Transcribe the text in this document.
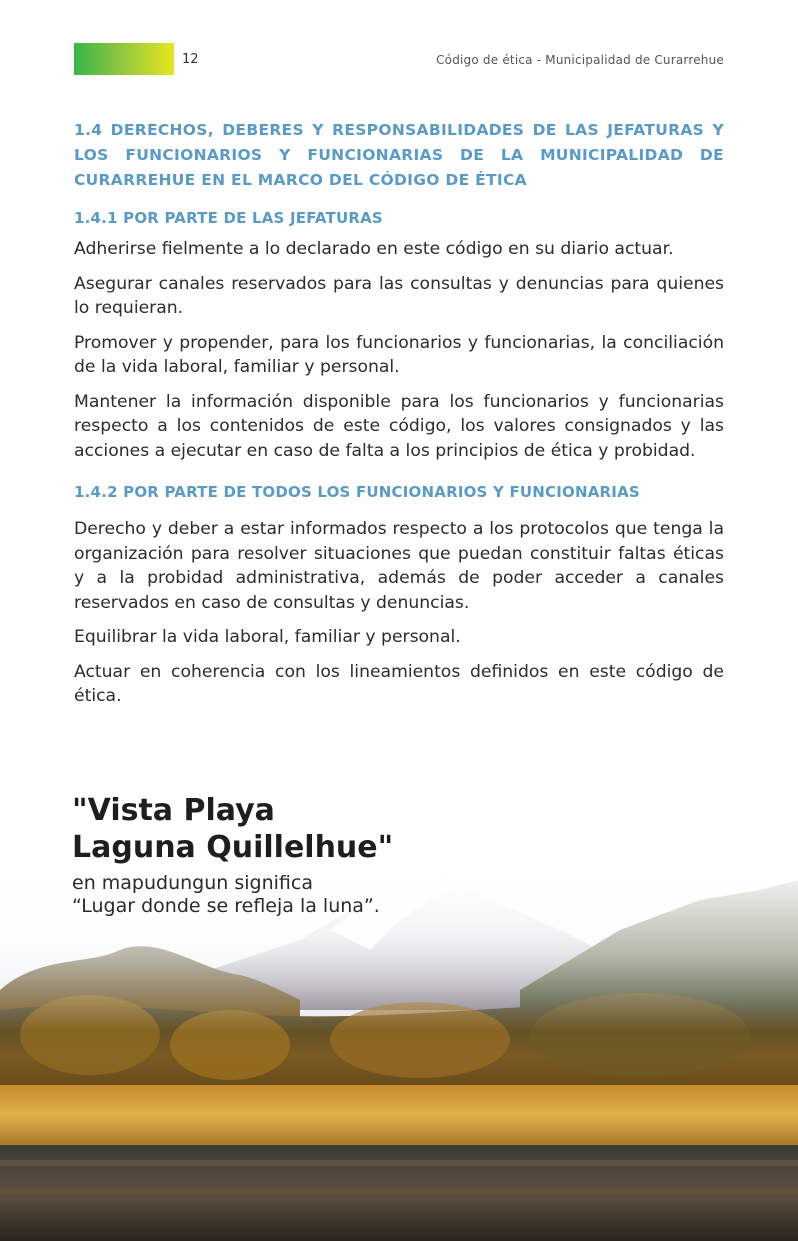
12	Código de ética - Municipalidad de Curarrehue
1.4 DERECHOS, DEBERES Y RESPONSABILIDADES DE LAS JEFATURAS Y LOS FUNCIONARIOS Y FUNCIONARIAS DE LA MUNICIPALIDAD DE CURARREHUE EN EL MARCO DEL CÓDIGO DE ÉTICA
1.4.1 POR PARTE DE LAS JEFATURAS

Adherirse fielmente a lo declarado en este código en su diario actuar.

Asegurar canales reservados para las consultas y denuncias para quienes lo requieran.

Promover y propender, para los funcionarios y funcionarias, la conciliación de la vida laboral, familiar y personal.

Mantener la información disponible para los funcionarios y funcionarias respecto a los contenidos de este código, los valores consignados y las acciones a ejecutar en caso de falta a los principios de ética y probidad.

1.4.2 POR PARTE DE TODOS LOS FUNCIONARIOS Y FUNCIONARIAS

Derecho y deber a estar informados respecto a los protocolos que tenga la organización para resolver situaciones que puedan constituir faltas éticas y a la probidad administrativa, además de poder acceder a canales reservados en caso de consultas y denuncias.

Equilibrar la vida laboral, familiar y personal.

Actuar en coherencia con los lineamientos definidos en este código de ética.

"Vista Playa

Laguna Quillelhue"

en mapudungun significa

“Lugar donde se refleja la luna”.
